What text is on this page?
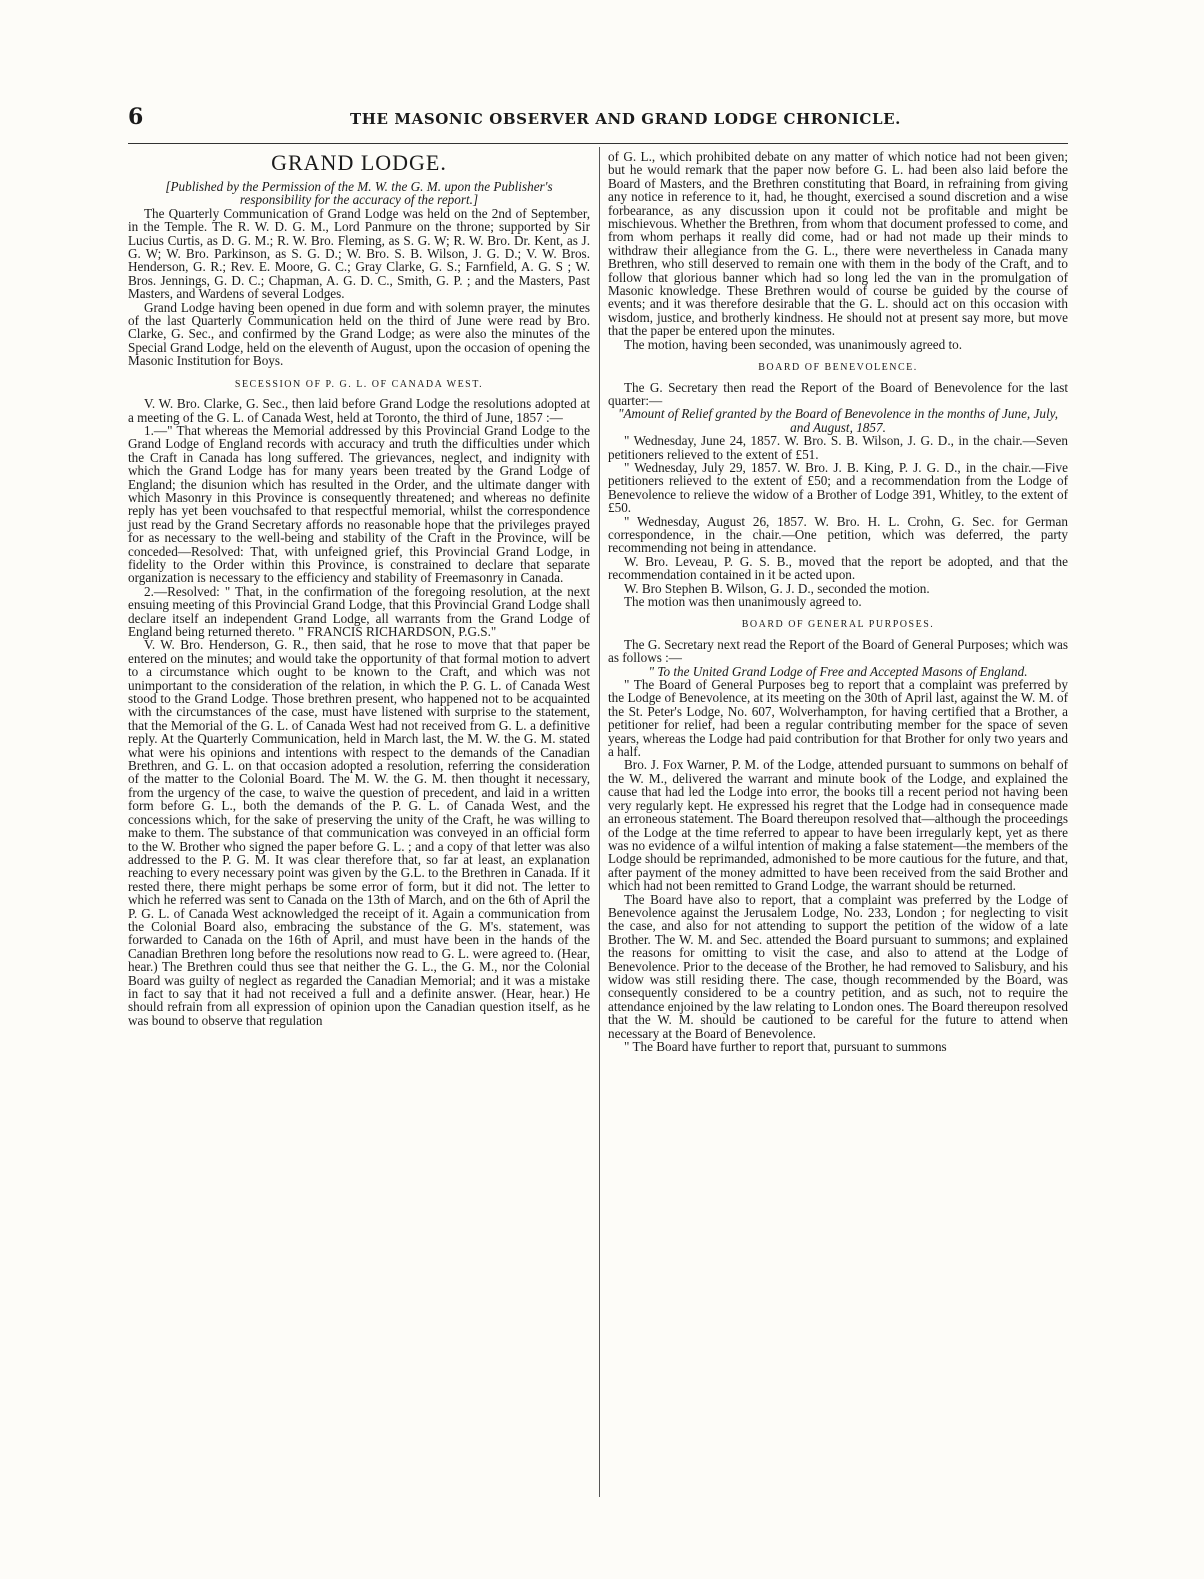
6	THE MASONIC OBSERVER AND GRAND LODGE CHRONICLE.
GRAND LODGE.

[Published by the Permission of the M. W. the G. M. upon the Publisher's responsibility for the accuracy of the report.]

The Quarterly Communication of Grand Lodge was held on the 2nd of September, in the Temple. The R. W. D. G. M., Lord Panmure on the throne; supported by Sir Lucius Curtis, as D. G. M.; R. W. Bro. Fleming, as S. G. W; R. W. Bro. Dr. Kent, as J. G. W; W. Bro. Parkinson, as S. G. D.; W. Bro. S. B. Wilson, J. G. D.; V. W. Bros. Henderson, G. R.; Rev. E. Moore, G. C.; Gray Clarke, G. S.; Farnfield, A. G. S ; W. Bros. Jennings, G. D. C.; Chapman, A. G. D. C., Smith, G. P. ; and the Masters, Past Masters, and Wardens of several Lodges.

Grand Lodge having been opened in due form and with solemn prayer, the minutes of the last Quarterly Communication held on the third of June were read by Bro. Clarke, G. Sec., and confirmed by the Grand Lodge; as were also the minutes of the Special Grand Lodge, held on the eleventh of August, upon the occasion of opening the Masonic Institution for Boys.

SECESSION OF P. G. L. OF CANADA WEST.

V. W. Bro. Clarke, G. Sec., then laid before Grand Lodge the resolutions adopted at a meeting of the G. L. of Canada West, held at Toronto, the third of June, 1857 :—

1.—" That whereas the Memorial addressed by this Provincial Grand Lodge to the Grand Lodge of England records with accuracy and truth the difficulties under which the Craft in Canada has long suffered. The grievances, neglect, and indignity with which the Grand Lodge has for many years been treated by the Grand Lodge of England; the disunion which has resulted in the Order, and the ultimate danger with which Masonry in this Province is consequently threatened; and whereas no definite reply has yet been vouchsafed to that respectful memorial, whilst the correspondence just read by the Grand Secretary affords no reasonable hope that the privileges prayed for as necessary to the well-being and stability of the Craft in the Province, will be conceded—Resolved: That, with unfeigned grief, this Provincial Grand Lodge, in fidelity to the Order within this Province, is constrained to declare that separate organization is necessary to the efficiency and stability of Freemasonry in Canada.

2.—Resolved: " That, in the confirmation of the foregoing resolution, at the next ensuing meeting of this Provincial Grand Lodge, that this Provincial Grand Lodge shall declare itself an independent Grand Lodge, all warrants from the Grand Lodge of England being returned thereto. " FRANCIS RICHARDSON, P.G.S."

V. W. Bro. Henderson, G. R., then said, that he rose to move that that paper be entered on the minutes; and would take the opportunity of that formal motion to advert to a circumstance which ought to be known to the Craft, and which was not unimportant to the consideration of the relation, in which the P. G. L. of Canada West stood to the Grand Lodge. Those brethren present, who happened not to be acquainted with the circumstances of the case, must have listened with surprise to the statement, that the Memorial of the G. L. of Canada West had not received from G. L. a definitive reply. At the Quarterly Communication, held in March last, the M. W. the G. M. stated what were his opinions and intentions with respect to the demands of the Canadian Brethren, and G. L. on that occasion adopted a resolution, referring the consideration of the matter to the Colonial Board. The M. W. the G. M. then thought it necessary, from the urgency of the case, to waive the question of precedent, and laid in a written form before G. L., both the demands of the P. G. L. of Canada West, and the concessions which, for the sake of preserving the unity of the Craft, he was willing to make to them. The substance of that communication was conveyed in an official form to the W. Brother who signed the paper before G. L. ; and a copy of that letter was also addressed to the P. G. M. It was clear therefore that, so far at least, an explanation reaching to every necessary point was given by the G.L. to the Brethren in Canada. If it rested there, there might perhaps be some error of form, but it did not. The letter to which he referred was sent to Canada on the 13th of March, and on the 6th of April the P. G. L. of Canada West acknowledged the receipt of it. Again a communication from the Colonial Board also, embracing the substance of the G. M's. statement, was forwarded to Canada on the 16th of April, and must have been in the hands of the Canadian Brethren long before the resolutions now read to G. L. were agreed to. (Hear, hear.) The Brethren could thus see that neither the G. L., the G. M., nor the Colonial Board was guilty of neglect as regarded the Canadian Memorial; and it was a mistake in fact to say that it had not received a full and a definite answer. (Hear, hear.) He should refrain from all expression of opinion upon the Canadian question itself, as he was bound to observe that regulation

of G. L., which prohibited debate on any matter of which notice had not been given; but he would remark that the paper now before G. L. had been also laid before the Board of Masters, and the Brethren constituting that Board, in refraining from giving any notice in reference to it, had, he thought, exercised a sound discretion and a wise forbearance, as any discussion upon it could not be profitable and might be mischievous. Whether the Brethren, from whom that document professed to come, and from whom perhaps it really did come, had or had not made up their minds to withdraw their allegiance from the G. L., there were nevertheless in Canada many Brethren, who still deserved to remain one with them in the body of the Craft, and to follow that glorious banner which had so long led the van in the promulgation of Masonic knowledge. These Brethren would of course be guided by the course of events; and it was therefore desirable that the G. L. should act on this occasion with wisdom, justice, and brotherly kindness. He should not at present say more, but move that the paper be entered upon the minutes.

The motion, having been seconded, was unanimously agreed to.

BOARD OF BENEVOLENCE.

The G. Secretary then read the Report of the Board of Benevolence for the last quarter:—

"Amount of Relief granted by the Board of Benevolence in the months of June, July, and August, 1857.

" Wednesday, June 24, 1857. W. Bro. S. B. Wilson, J. G. D., in the chair.—Seven petitioners relieved to the extent of £51.

" Wednesday, July 29, 1857. W. Bro. J. B. King, P. J. G. D., in the chair.—Five petitioners relieved to the extent of £50; and a recommendation from the Lodge of Benevolence to relieve the widow of a Brother of Lodge 391, Whitley, to the extent of £50.

" Wednesday, August 26, 1857. W. Bro. H. L. Crohn, G. Sec. for German correspondence, in the chair.—One petition, which was deferred, the party recommending not being in attendance.

W. Bro. Leveau, P. G. S. B., moved that the report be adopted, and that the recommendation contained in it be acted upon.

W. Bro Stephen B. Wilson, G. J. D., seconded the motion.

The motion was then unanimously agreed to.

BOARD OF GENERAL PURPOSES.

The G. Secretary next read the Report of the Board of General Purposes; which was as follows :—

" To the United Grand Lodge of Free and Accepted Masons of England.

" The Board of General Purposes beg to report that a complaint was preferred by the Lodge of Benevolence, at its meeting on the 30th of April last, against the W. M. of the St. Peter's Lodge, No. 607, Wolverhampton, for having certified that a Brother, a petitioner for relief, had been a regular contributing member for the space of seven years, whereas the Lodge had paid contribution for that Brother for only two years and a half.

Bro. J. Fox Warner, P. M. of the Lodge, attended pursuant to summons on behalf of the W. M., delivered the warrant and minute book of the Lodge, and explained the cause that had led the Lodge into error, the books till a recent period not having been very regularly kept. He expressed his regret that the Lodge had in consequence made an erroneous statement. The Board thereupon resolved that—although the proceedings of the Lodge at the time referred to appear to have been irregularly kept, yet as there was no evidence of a wilful intention of making a false statement—the members of the Lodge should be reprimanded, admonished to be more cautious for the future, and that, after payment of the money admitted to have been received from the said Brother and which had not been remitted to Grand Lodge, the warrant should be returned.

The Board have also to report, that a complaint was preferred by the Lodge of Benevolence against the Jerusalem Lodge, No. 233, London ; for neglecting to visit the case, and also for not attending to support the petition of the widow of a late Brother. The W. M. and Sec. attended the Board pursuant to summons; and explained the reasons for omitting to visit the case, and also to attend at the Lodge of Benevolence. Prior to the decease of the Brother, he had removed to Salisbury, and his widow was still residing there. The case, though recommended by the Board, was consequently considered to be a country petition, and as such, not to require the attendance enjoined by the law relating to London ones. The Board thereupon resolved that the W. M. should be cautioned to be careful for the future to attend when necessary at the Board of Benevolence.

" The Board have further to report that, pursuant to summons
